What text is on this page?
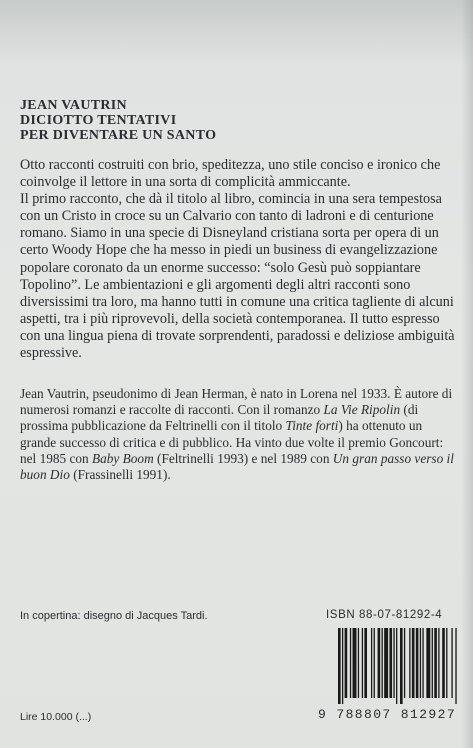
JEAN VAUTRIN
DICIOTTO TENTATIVI
PER DIVENTARE UN SANTO

Otto racconti costruiti con brio, speditezza, uno stile conciso e ironico che coinvolge il lettore in una sorta di complicità ammiccante.

Il primo racconto, che dà il titolo al libro, comincia in una sera tempestosa con un Cristo in croce su un Calvario con tanto di ladroni e di centurione romano. Siamo in una specie di Disneyland cristiana sorta per opera di un certo Woody Hope che ha messo in piedi un business di evangelizzazione popolare coronato da un enorme successo: “solo Gesù può soppiantare Topolino”. Le ambientazioni e gli argomenti degli altri racconti sono diversissimi tra loro, ma hanno tutti in comune una critica tagliente di alcuni aspetti, tra i più riprovevoli, della società contemporanea. Il tutto espresso con una lingua piena di trovate sorprendenti, paradossi e deliziose ambiguità espressive.

Jean Vautrin, pseudonimo di Jean Herman, è nato in Lorena nel 1933. È autore di numerosi romanzi e raccolte di racconti. Con il romanzo La Vie Ripolin (di prossima pubblicazione da Feltrinelli con il titolo Tinte forti) ha ottenuto un grande successo di critica e di pubblico. Ha vinto due volte il premio Goncourt: nel 1985 con Baby Boom (Feltrinelli 1993) e nel 1989 con Un gran passo verso il buon Dio (Frassinelli 1991).
In copertina: disegno di Jacques Tardi.	ISBN 88-07-81292-4
9 788807 812927
Lire 10.000 (...)
